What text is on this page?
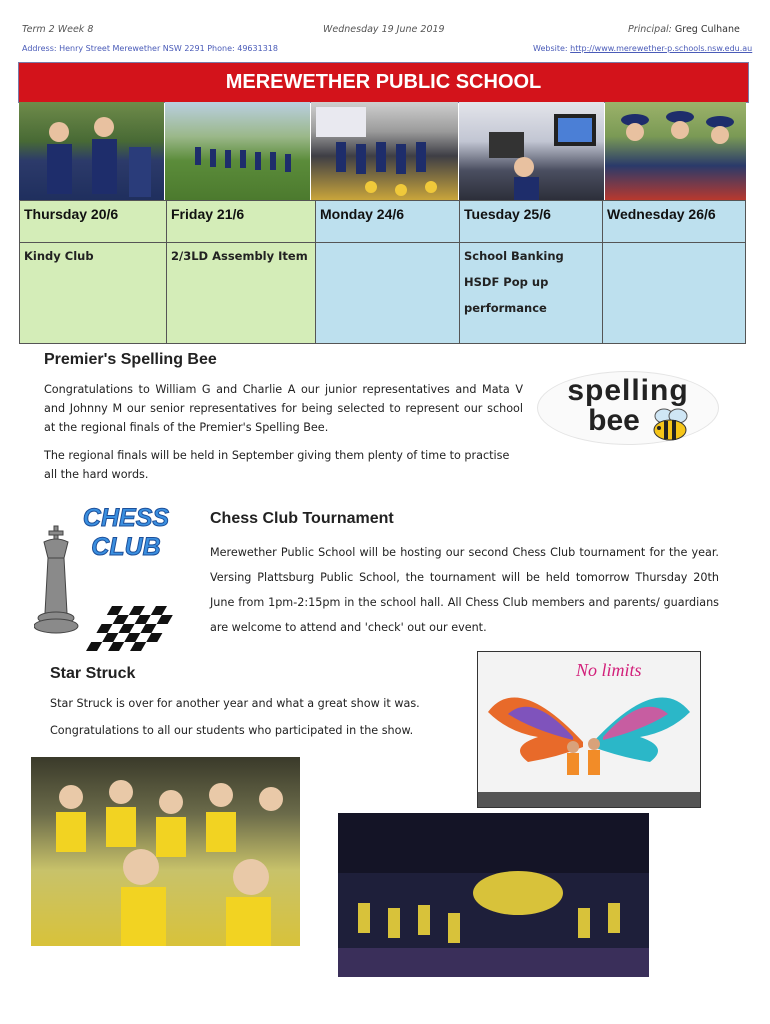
Term 2 Week 8	Wednesday 19 June 2019	Principal: Greg Culhane
Address: Henry Street Merewether NSW 2291 Phone: 49631318	Website: http://www.merewether-p.schools.nsw.edu.au
MEREWETHER PUBLIC SCHOOL
Thursday 20/6	Friday 21/6	Monday 24/6	Tuesday 25/6	Wednesday 26/6

Kindy Club	2/3LD Assembly Item		School Banking
HSDF Pop up
performance	

Premier's Spelling Bee

Congratulations to William G and Charlie A our junior representatives and Mata V and Johnny M our senior representatives for being selected to represent our school at the regional finals of the Premier's Spelling Bee.

The regional finals will be held in September giving them plenty of time to practise all the hard words.

spelling
bee
CHESS
CLUB
Chess Club Tournament

Merewether Public School will be hosting our second Chess Club tournament for the year. Versing Plattsburg Public School, the tournament will be held tomorrow Thursday 20th June from 1pm-2:15pm in the school hall. All Chess Club members and parents/ guardians are welcome to attend and 'check' out our event.

Star Struck

Star Struck is over for another year and what a great show it was.

Congratulations to all our students who participated in the show.

No limits
